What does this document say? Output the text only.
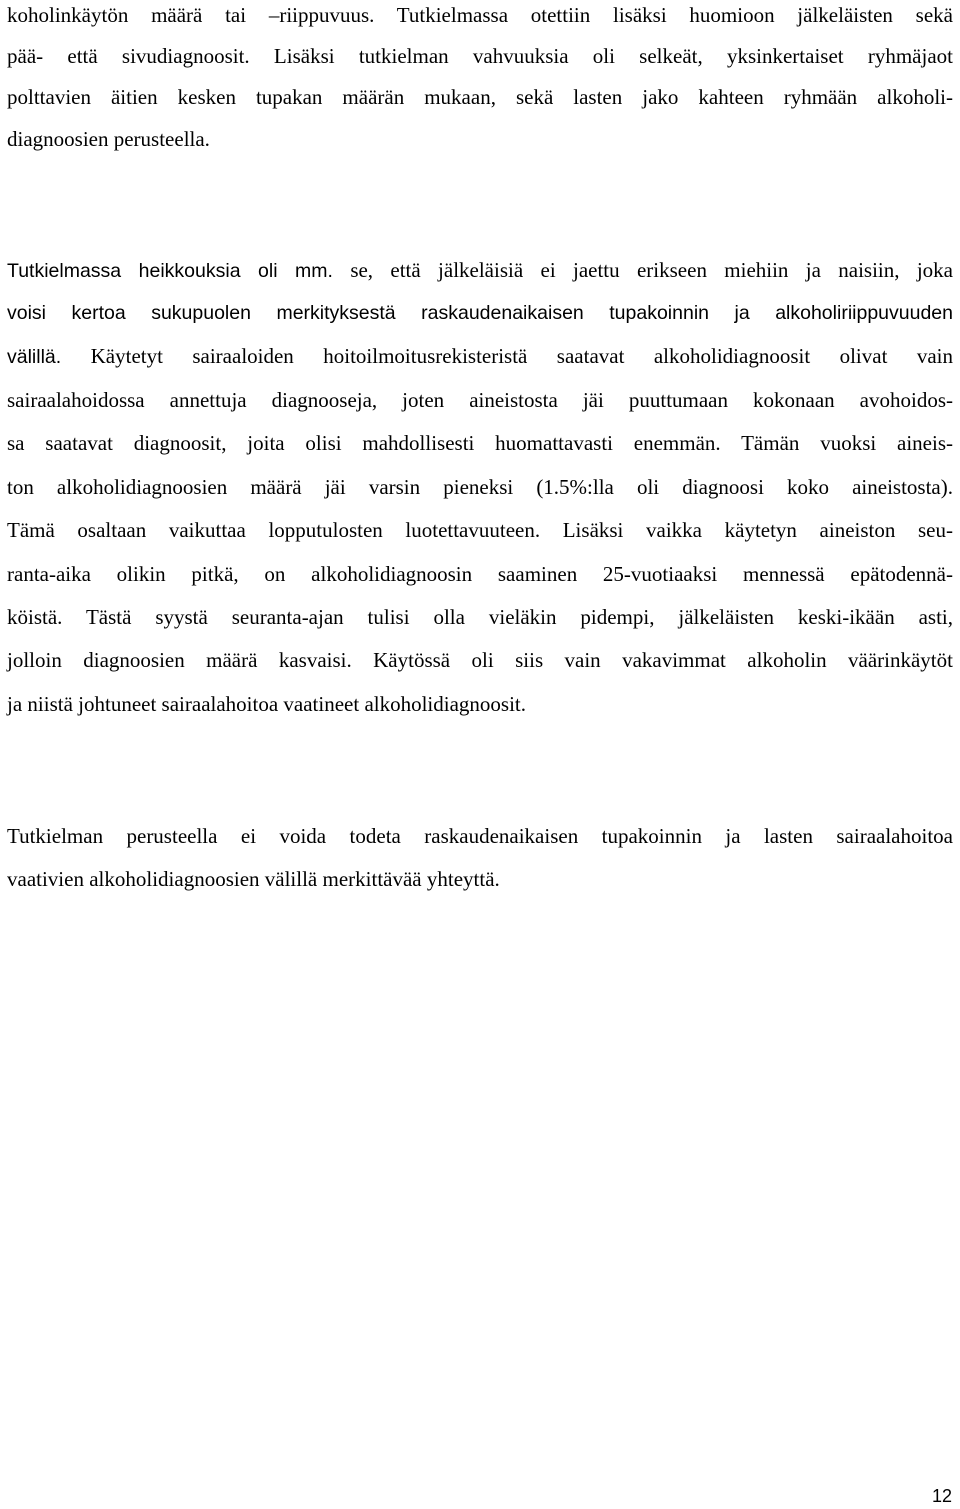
koholinkäytön määrä tai –riippuvuus. Tutkielmassa otettiin lisäksi huomioon jälkeläisten sekä

pää- että sivudiagnoosit. Lisäksi tutkielman vahvuuksia oli selkeät, yksinkertaiset ryhmäjaot

polttavien äitien kesken tupakan määrän mukaan, sekä lasten jako kahteen ryhmään alkoholi-

diagnoosien perusteella.

Tutkielmassa heikkouksia oli mm. se, että jälkeläisiä ei jaettu erikseen miehiin ja naisiin, joka

voisi kertoa sukupuolen merkityksestä raskaudenaikaisen tupakoinnin ja alkoholiriippuvuuden

välillä. Käytetyt sairaaloiden hoitoilmoitusrekisteristä saatavat alkoholidiagnoosit olivat vain

sairaalahoidossa annettuja diagnooseja, joten aineistosta jäi puuttumaan kokonaan avohoidos-

sa saatavat diagnoosit, joita olisi mahdollisesti huomattavasti enemmän. Tämän vuoksi aineis-

ton alkoholidiagnoosien määrä jäi varsin pieneksi (1.5%:lla oli diagnoosi koko aineistosta).

Tämä osaltaan vaikuttaa lopputulosten luotettavuuteen. Lisäksi vaikka käytetyn aineiston seu-

ranta-aika olikin pitkä, on alkoholidiagnoosin saaminen 25-vuotiaaksi mennessä epätodennä-

köistä. Tästä syystä seuranta-ajan tulisi olla vieläkin pidempi, jälkeläisten keski-ikään asti,

jolloin diagnoosien määrä kasvaisi. Käytössä oli siis vain vakavimmat alkoholin väärinkäytöt

ja niistä johtuneet sairaalahoitoa vaatineet alkoholidiagnoosit.

Tutkielman perusteella ei voida todeta raskaudenaikaisen tupakoinnin ja lasten sairaalahoitoa

vaativien alkoholidiagnoosien välillä merkittävää yhteyttä.

12
